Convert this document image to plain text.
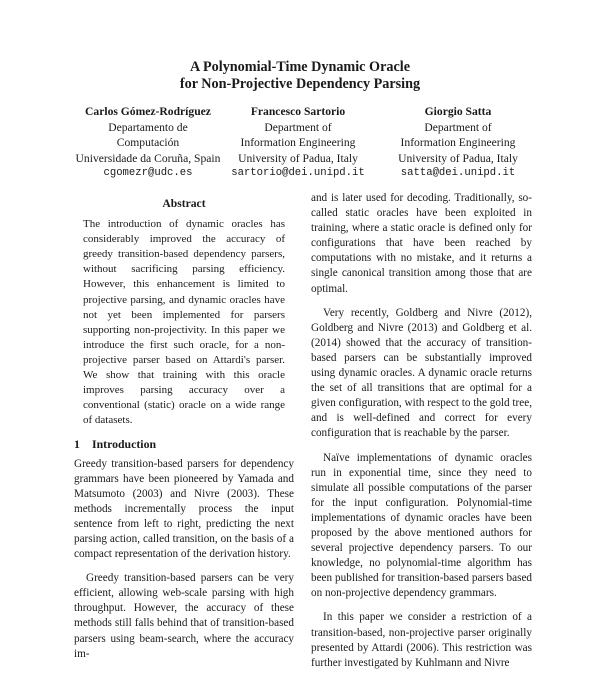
A Polynomial-Time Dynamic Oracle
for Non-Projective Dependency Parsing
Carlos Gómez-Rodríguez
Departamento de
Computación
Universidade da Coruña, Spain
cgomezr@udc.es
Francesco Sartorio
Department of
Information Engineering
University of Padua, Italy
sartorio@dei.unipd.it
Giorgio Satta
Department of
Information Engineering
University of Padua, Italy
satta@dei.unipd.it
Abstract

The introduction of dynamic oracles has considerably improved the accuracy of greedy transition-based dependency parsers, without sacrificing parsing efficiency. However, this enhancement is limited to projective parsing, and dynamic oracles have not yet been implemented for parsers supporting non-projectivity. In this paper we introduce the first such oracle, for a non-projective parser based on Attardi's parser. We show that training with this oracle improves parsing accuracy over a conventional (static) oracle on a wide range of datasets.

1 Introduction

Greedy transition-based parsers for dependency grammars have been pioneered by Yamada and Matsumoto (2003) and Nivre (2003). These methods incrementally process the input sentence from left to right, predicting the next parsing action, called transition, on the basis of a compact representation of the derivation history.

Greedy transition-based parsers can be very efficient, allowing web-scale parsing with high throughput. However, the accuracy of these methods still falls behind that of transition-based parsers using beam-search, where the accuracy im-

and is later used for decoding. Traditionally, so-called static oracles have been exploited in training, where a static oracle is defined only for configurations that have been reached by computations with no mistake, and it returns a single canonical transition among those that are optimal.

Very recently, Goldberg and Nivre (2012), Goldberg and Nivre (2013) and Goldberg et al. (2014) showed that the accuracy of transition-based parsers can be substantially improved using dynamic oracles. A dynamic oracle returns the set of all transitions that are optimal for a given configuration, with respect to the gold tree, and is well-defined and correct for every configuration that is reachable by the parser.

Naïve implementations of dynamic oracles run in exponential time, since they need to simulate all possible computations of the parser for the input configuration. Polynomial-time implementations of dynamic oracles have been proposed by the above mentioned authors for several projective dependency parsers. To our knowledge, no polynomial-time algorithm has been published for transition-based parsers based on non-projective dependency grammars.

In this paper we consider a restriction of a transition-based, non-projective parser originally presented by Attardi (2006). This restriction was further investigated by Kuhlmann and Nivre
